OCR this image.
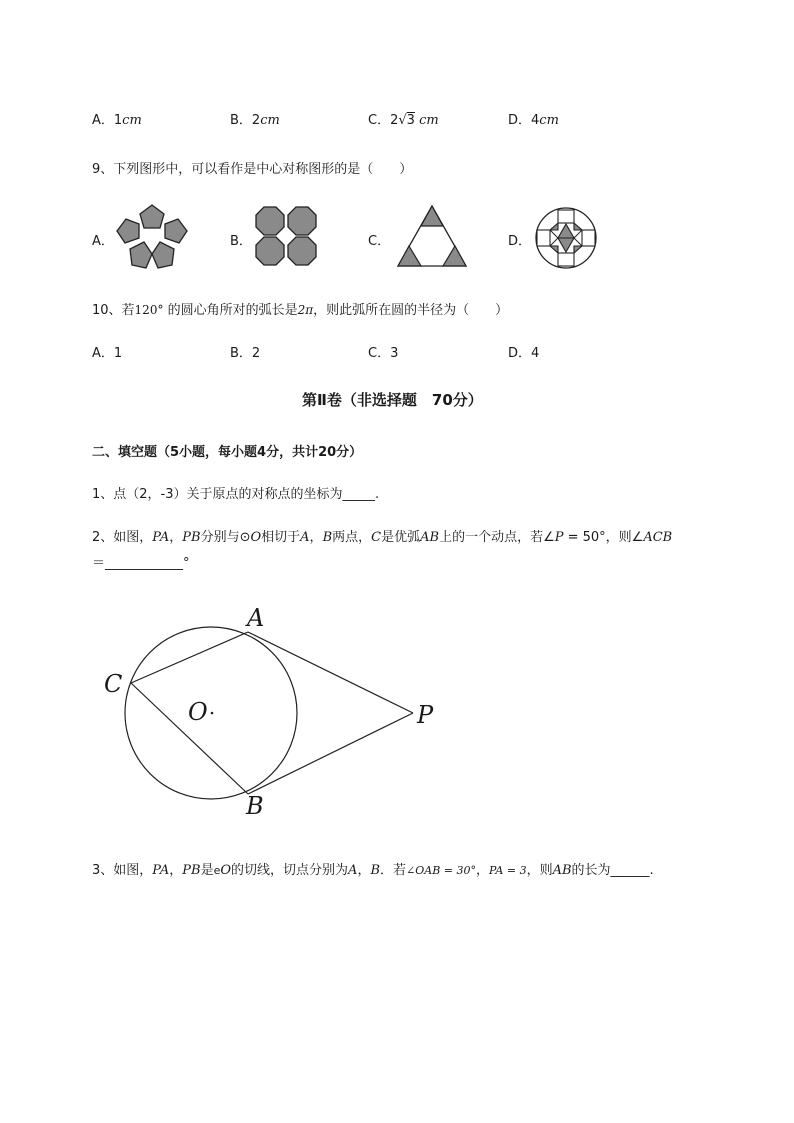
A．1cm	B．2cm	C．2√3 cm	D．4cm
9、下列图形中，可以看作是中心对称图形的是（　　）
A．	B．	C．	D．
10、若120° 的圆心角所对的弧长是2π，则此弧所在圆的半径为（　　）
A．1	B．2	C．3	D．4
第Ⅱ卷（非选择题　70分）
二、填空题（5小题，每小题4分，共计20分）
1、点（2，-3）关于原点的对称点的坐标为_____.
2、如图，PA，PB分别与⊙O相切于A，B两点，C是优弧AB上的一个动点，若∠P = 50°，则∠ACB
＝____________°
A
C
O	P
B
3、如图，PA，PB是eO的切线，切点分别为A，B．若∠OAB = 30°，PA = 3，则AB的长为______.
